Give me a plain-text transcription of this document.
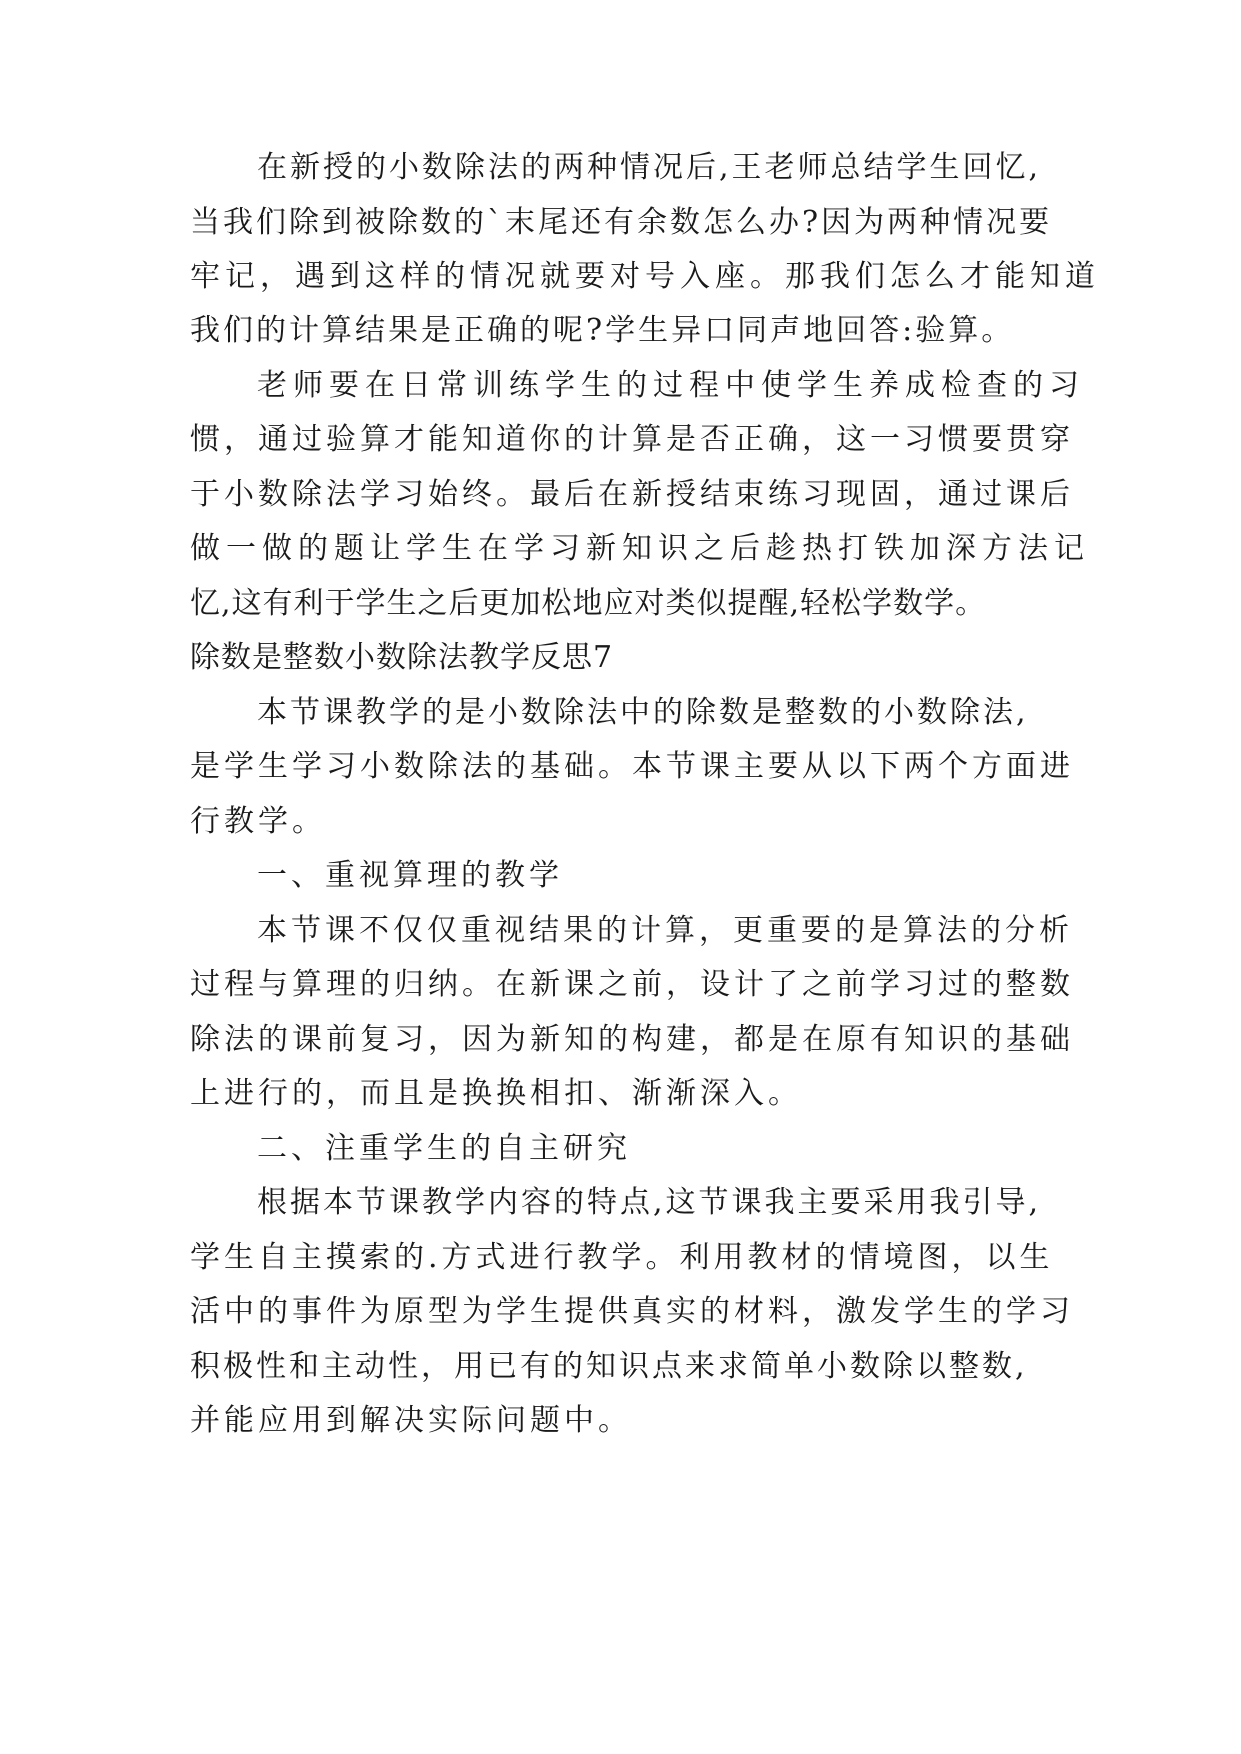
在新授的小数除法的两种情况后,王老师总结学生回忆,
当我们除到被除数的`末尾还有余数怎么办?因为两种情况要
牢记，遇到这样的情况就要对号入座。那我们怎么才能知道
我们的计算结果是正确的呢?学生异口同声地回答:验算。
老师要在日常训练学生的过程中使学生养成检查的习
惯，通过验算才能知道你的计算是否正确，这一习惯要贯穿
于小数除法学习始终。最后在新授结束练习现固，通过课后
做一做的题让学生在学习新知识之后趁热打铁加深方法记
忆,这有利于学生之后更加松地应对类似提醒,轻松学数学。
除数是整数小数除法教学反思7
本节课教学的是小数除法中的除数是整数的小数除法,
是学生学习小数除法的基础。本节课主要从以下两个方面进
行教学。
一、重视算理的教学
本节课不仅仅重视结果的计算，更重要的是算法的分析
过程与算理的归纳。在新课之前，设计了之前学习过的整数
除法的课前复习，因为新知的构建，都是在原有知识的基础
上进行的，而且是换换相扣、渐渐深入。
二、注重学生的自主研究
根据本节课教学内容的特点,这节课我主要采用我引导,
学生自主摸索的.方式进行教学。利用教材的情境图，以生
活中的事件为原型为学生提供真实的材料，激发学生的学习
积极性和主动性，用已有的知识点来求简单小数除以整数,
并能应用到解决实际问题中。
